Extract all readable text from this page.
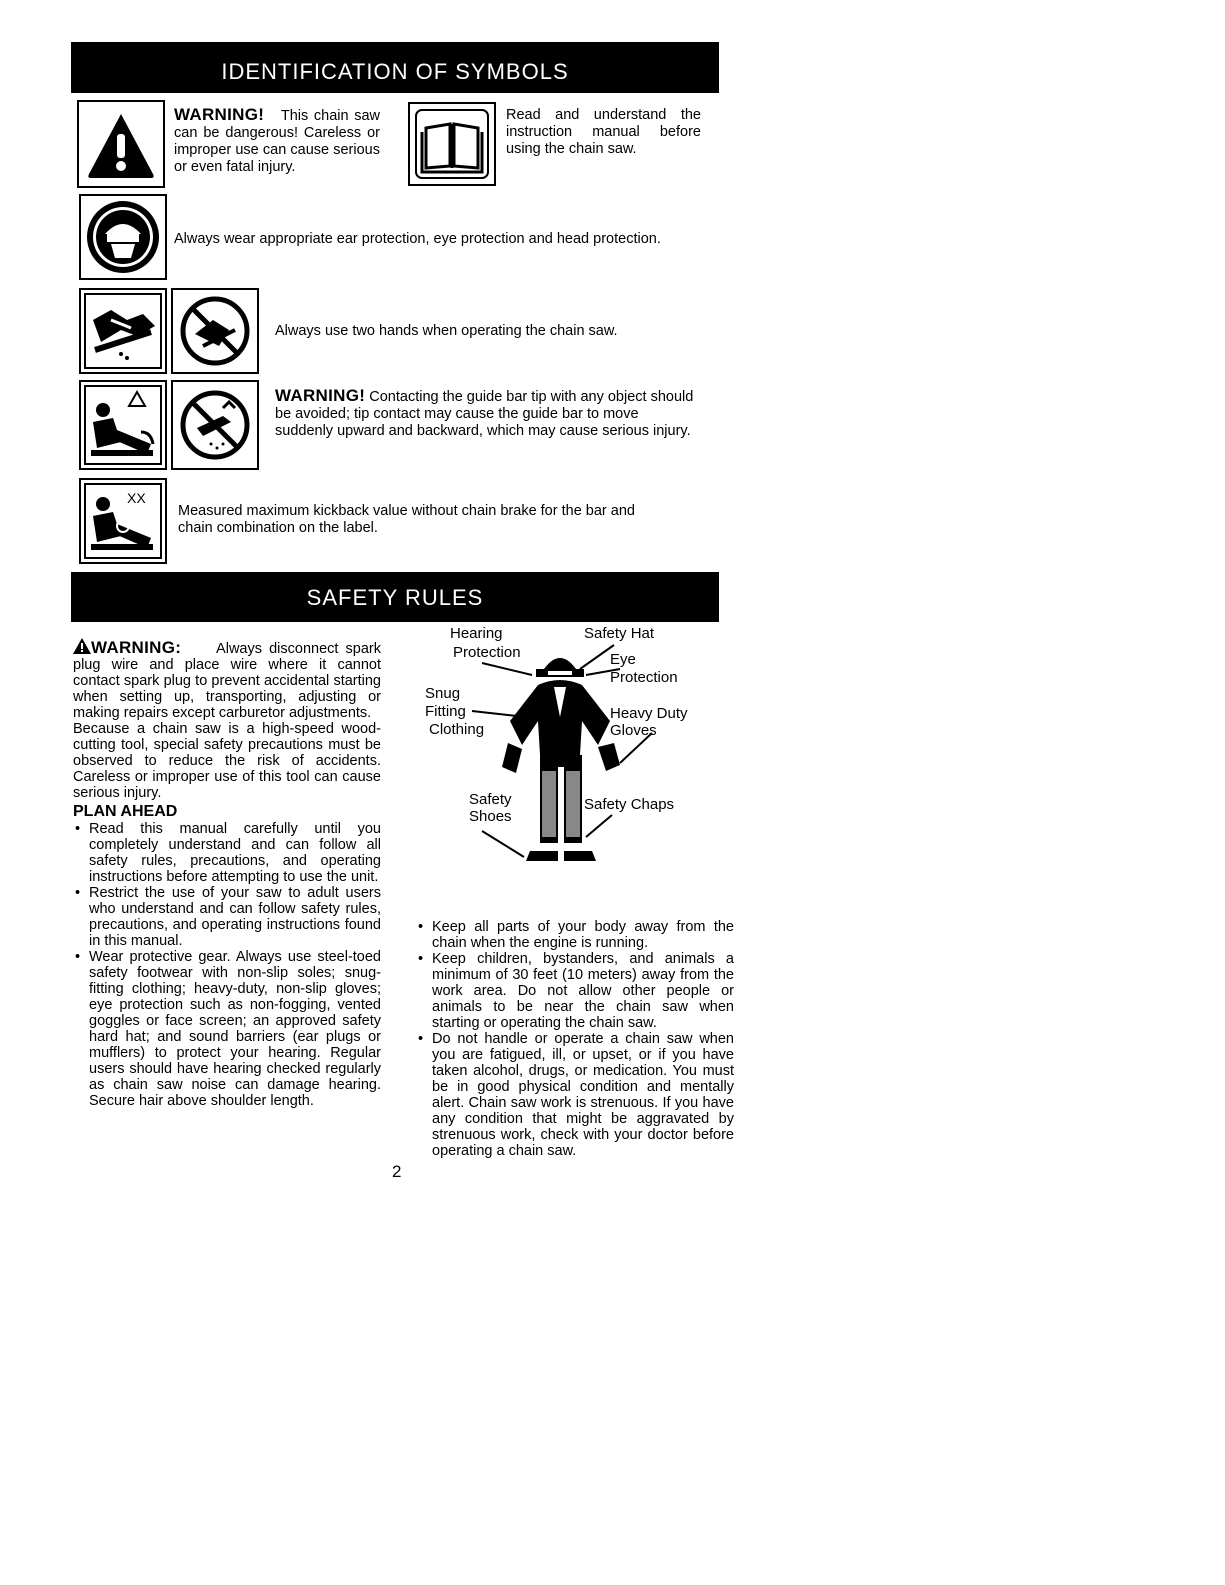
IDENTIFICATION OF SYMBOLS
WARNING! This chain saw can be dangerous! Careless or improper use can cause serious or even fatal injury.
Read and understand the instruction manual before using the chain saw.
Always wear appropriate ear protection, eye protection and head protection.
Always use two hands when operating the chain saw.
WARNING! Contacting the guide bar tip with any object should be avoided; tip contact may cause the guide bar to move suddenly upward and backward, which may cause serious injury.
XX
Measured maximum kickback value without chain brake for the bar and chain combination on the label.
SAFETY RULES

WARNING: Always disconnect spark plug wire and place wire where it cannot contact spark plug to prevent accidental starting when setting up, transporting, adjusting or making repairs except carburetor adjustments.

Because a chain saw is a high-speed wood-cutting tool, special safety precautions must be observed to reduce the risk of accidents. Careless or improper use of this tool can cause serious injury.

PLAN AHEAD

• Read this manual carefully until you completely understand and can follow all safety rules, precautions, and operating instructions before attempting to use the unit.
• Restrict the use of your saw to adult users who understand and can follow safety rules, precautions, and operating instructions found in this manual.
• Wear protective gear. Always use steel-toed safety footwear with non-slip soles; snug-fitting clothing; heavy-duty, non-slip gloves; eye protection such as non-fogging, vented goggles or face screen; an approved safety hard hat; and sound barriers (ear plugs or mufflers) to protect your hearing. Regular users should have hearing checked regularly as chain saw noise can damage hearing. Secure hair above shoulder length.
Hearing
Protection
Safety Hat
Eye
Protection
Snug
Fitting
Clothing
Heavy Duty
Gloves
Safety
Shoes
Safety Chaps
• Keep all parts of your body away from the chain when the engine is running.
• Keep children, bystanders, and animals a minimum of 30 feet (10 meters) away from the work area. Do not allow other people or animals to be near the chain saw when starting or operating the chain saw.
• Do not handle or operate a chain saw when you are fatigued, ill, or upset, or if you have taken alcohol, drugs, or medication. You must be in good physical condition and mentally alert. Chain saw work is strenuous. If you have any condition that might be aggravated by strenuous work, check with your doctor before operating a chain saw.
2
